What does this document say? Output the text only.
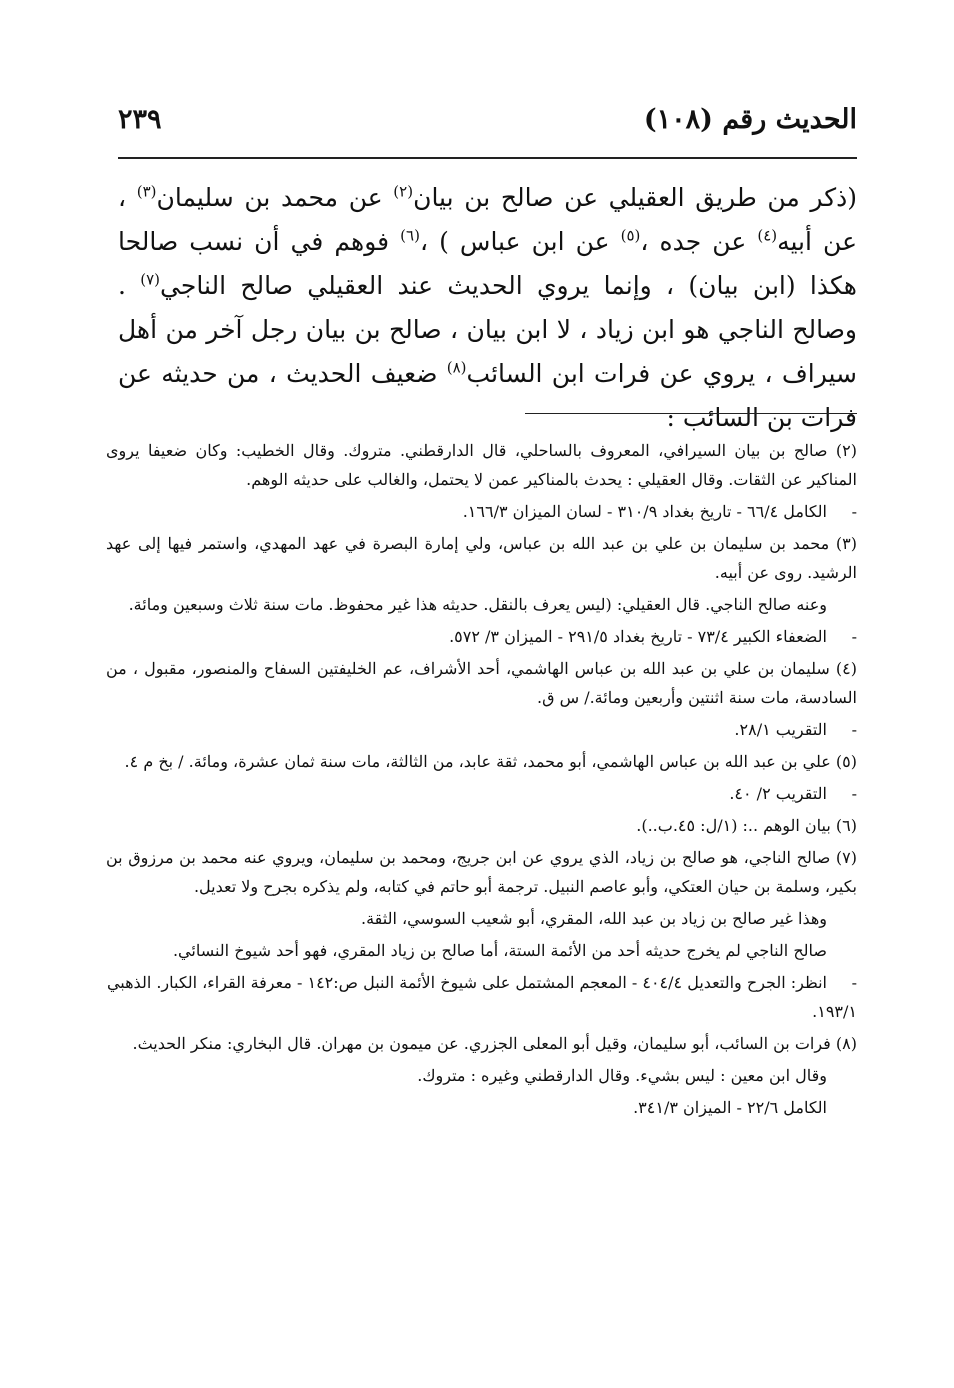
الحديث رقم (١٠٨)
٢٣٩

(ذكر من طريق العقيلي عن صالح بن بيان$^{(٢)}$ عن محمد بن سليمان$^{(٣)}$ ، عن أبيه$^{(٤)}$ عن جده ،$^{(٥)}$ عن ابن عباس ) ،$^{(٦)}$ فوهم في أن نسب صالحا هكذا (ابن بيان) ، وإنما يروي الحديث عند العقيلي صالح الناجي$^{(٧)}$ . وصالح الناجي هو ابن زياد ، لا ابن بيان ، صالح بن بيان رجل آخر من أهل سيراف ، يروي عن فرات ابن السائب$^{(٨)}$ ضعيف الحديث ، من حديثه عن فرات بن السائب :

(٢) صالح بن بيان السيرافي، المعروف بالساحلي، قال الدارقطني. متروك. وقال الخطيب: وكان ضعيفا يروى المناكير عن الثقات. وقال العقيلي : يحدث بالمناكير عمن لا يحتمل، والغالب على حديثه الوهم.

-الكامل ٦٦/٤ - تاريخ بغداد ٣١٠/٩ - لسان الميزان ١٦٦/٣.

(٣) محمد بن سليمان بن علي بن عبد الله بن عباس، ولي إمارة البصرة في عهد المهدي، واستمر فيها إلى عهد الرشيد. روى عن أبيه.

وعنه صالح الناجي. قال العقيلي: (ليس يعرف بالنقل. حديثه هذا غير محفوظ. مات سنة ثلاث وسبعين ومائة.

-الضعفاء الكبير ٧٣/٤ - تاريخ بغداد ٢٩١/٥ - الميزان ٣/ ٥٧٢.

(٤) سليمان بن علي بن عبد الله بن عباس الهاشمي، أحد الأشراف، عم الخليفتين السفاح والمنصور، مقبول ، من السادسة، مات سنة اثنتين وأربعين ومائة./ س ق.

-التقريب ٢٨/١.

(٥) علي بن عبد الله بن عباس الهاشمي، أبو محمد، ثقة عابد، من الثالثة، مات سنة ثمان عشرة، ومائة. / بخ م ٤.

-التقريب ٢/ ٤٠.

(٦) بيان الوهم ..: (١/ل: ٤٥.ب..).

(٧) صالح الناجي، هو صالح بن زياد، الذي يروي عن ابن جريج، ومحمد بن سليمان، ويروي عنه محمد بن مرزوق بن بكير، وسلمة بن حيان العتكي، وأبو عاصم النبيل. ترجمة أبو حاتم في كتابه، ولم يذكره بجرح ولا تعديل.

وهذا غير صالح بن زياد بن عبد الله، المقري، أبو شعيب السوسي، الثقة.

صالح الناجي لم يخرج حديثه أحد من الأئمة الستة، أما صالح بن زياد المقري، فهو أحد شيوخ النسائي.

-انظر: الجرح والتعديل ٤٠٤/٤ - المعجم المشتمل على شيوخ الأئمة النبل ص:١٤٢ - معرفة القراء، الكبار. الذهبي ١٩٣/١.

(٨) فرات بن السائب، أبو سليمان، وقيل أبو المعلى الجزري. عن ميمون بن مهران. قال البخاري: منكر الحديث.

وقال ابن معين : ليس بشيء. وقال الدارقطني وغيره : متروك.

الكامل ٢٢/٦ - الميزان ٣٤١/٣.
